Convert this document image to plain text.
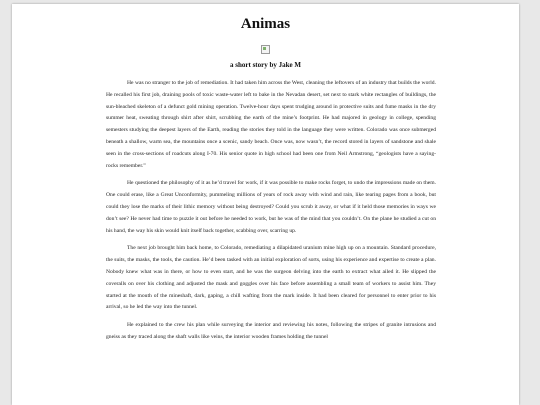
Animas

a short story by Jake M

He was no stranger to the job of remediation. It had taken him across the West, cleaning the leftovers of an industry that builds the world. He recalled his first job, draining pools of toxic waste-water left to bake in the Nevadan desert, set next to stark white rectangles of buildings, the sun-bleached skeleton of a defunct gold mining operation. Twelve-hour days spent trudging around in protective suits and fume masks in the dry summer heat, sweating through shirt after shirt, scrubbing the earth of the mine’s footprint. He had majored in geology in college, spending semesters studying the deepest layers of the Earth, reading the stories they told in the language they were written. Colorado was once submerged beneath a shallow, warm sea, the mountains once a scenic, sandy beach. Once was, now wasn’t, the record stored in layers of sandstone and shale seen in the cross-sections of roadcuts along I-70. His senior quote in high school had been one from Neil Armstrong, “geologists have a saying- rocks remember.”

He questioned the philosophy of it as he’d travel for work, if it was possible to make rocks forget, to undo the impressions made on them. One could erase, like a Great Unconformity, pummeling millions of years of rock away with wind and rain, like tearing pages from a book, but could they lose the marks of their lithic memory without being destroyed? Could you scrub it away, or what if it held those memories in ways we don’t see? He never had time to puzzle it out before he needed to work, but he was of the mind that you couldn’t. On the plane he studied a cut on his hand, the way his skin would knit itself back together, scabbing over, scarring up.

The next job brought him back home, to Colorado, remediating a dilapidated uranium mine high up on a mountain. Standard procedure, the suits, the masks, the tools, the caution. He’d been tasked with an initial exploration of sorts, using his experience and expertise to create a plan. Nobody knew what was in there, or how to even start, and he was the surgeon delving into the earth to extract what ailed it. He slipped the coveralls on over his clothing and adjusted the mask and goggles over his face before assembling a small team of workers to assist him. They started at the mouth of the mineshaft, dark, gaping, a chill wafting from the mark inside. It had been cleared for personnel to enter prior to his arrival, so he led the way into the tunnel.

He explained to the crew his plan while surveying the interior and reviewing his notes, following the stripes of granite intrusions and gneiss as they traced along the shaft walls like veins, the interior wooden frames holding the tunnel
